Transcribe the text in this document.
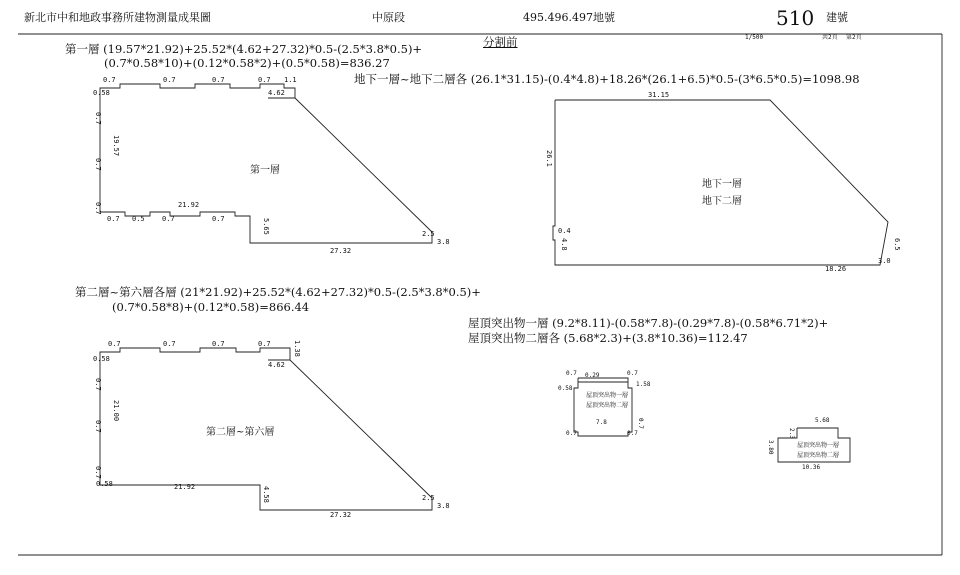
新北市中和地政事務所建物測量成果圖	中原段	495.496.497地號	510 建號
1/500	共2頁 第2頁
分割前
第一層 (19.57*21.92)+25.52*(4.62+27.32)*0.5-(2.5*3.8*0.5)+
(0.7*0.58*10)+(0.12*0.58*2)+(0.5*0.58)=836.27
0.7	0.7	0.7	0.7 1.1
0.58	4.62
0.7
19.57
0.7
0.7
第一層
0.7 0.5 0.7	0.7
21.92
5.65
27.32
2.5
3.8
地下一層~地下二層各 (26.1*31.15)-(0.4*4.8)+18.26*(26.1+6.5)*0.5-(3*6.5*0.5)=1098.98
31.15
26.1
0.4
4.8
地下一層
地下二層
18.26
3.0
6.5
第二層~第六層各層 (21*21.92)+25.52*(4.62+27.32)*0.5-(2.5*3.8*0.5)+
(0.7*0.58*8)+(0.12*0.58)=866.44
0.7	0.7	0.7	0.7	1.38
0.58
4.62
0.7
21.00
0.7
0.7
第二層~第六層
0.58	21.92	4.58
27.32
2.5
3.8
屋頂突出物一層 (9.2*8.11)-(0.58*7.8)-(0.29*7.8)-(0.58*6.71*2)+
屋頂突出物二層各 (5.68*2.3)+(3.8*10.36)=112.47
0.7 0.29	0.7
0.58
1.58
屋頂突出物一層
屋頂突出物二層
7.8	0.7
0.7	0.7
5.68
2.3
3.80	屋頂突出物一層
屋頂突出物二層
10.36
